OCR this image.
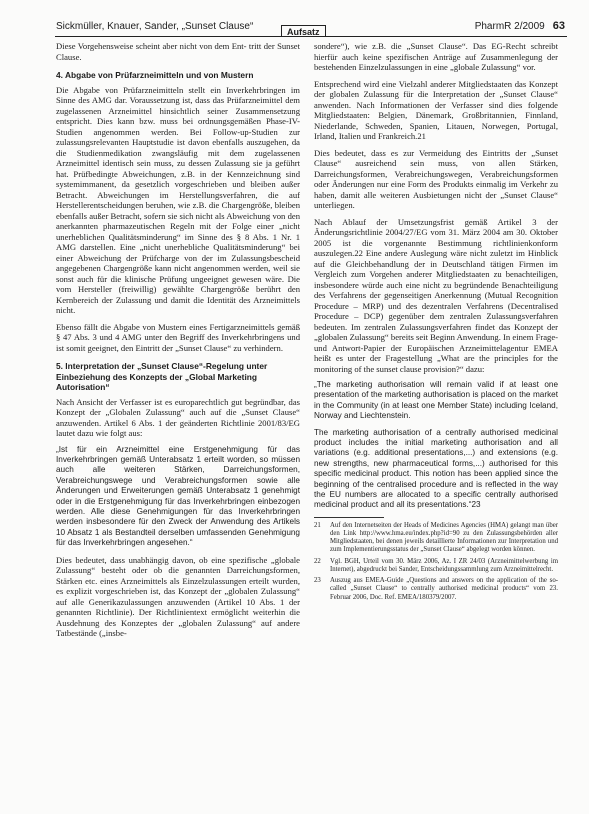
Sickmüller, Knauer, Sander, „Sunset Clause“	Aufsatz	PharmR 2/2009 63

Diese Vorgehensweise scheint aber nicht von dem Ent- tritt der Sunset Clause.

4. Abgabe von Prüfarzneimitteln und von Mustern

Die Abgabe von Prüfarzneimitteln stellt ein Inverkehrbringen im Sinne des AMG dar. Voraussetzung ist, dass das Prüfarzneimittel dem zugelassenen Arzneimittel hinsichtlich seiner Zusammensetzung entspricht. Dies kann bzw. muss bei ordnungsgemäßen Phase-IV-Studien angenommen werden. Bei Follow-up-Studien zur zulassungsrelevanten Hauptstudie ist davon ebenfalls auszugehen, da die Studienmedikation zwangsläufig mit dem zugelassenen Arzneimittel identisch sein muss, zu dessen Zulassung sie ja geführt hat. Prüfbedingte Abweichungen, z.B. in der Kennzeichnung sind systemimmanent, da gesetzlich vorgeschrieben und bleiben außer Betracht. Abweichungen im Herstellungsverfahren, die auf Herstellerentscheidungen beruhen, wie z.B. die Chargengröße, bleiben ebenfalls außer Betracht, sofern sie sich nicht als Abweichung von den anerkannten pharmazeutischen Regeln mit der Folge einer „nicht unerheblichen Qualitätsminderung“ im Sinne des § 8 Abs. 1 Nr. 1 AMG darstellen. Eine „nicht unerhebliche Qualitätsminderung“ bei einer Abweichung der Prüfcharge von der im Zulassungsbescheid angegebenen Chargengröße kann nicht angenommen werden, weil sie sonst auch für die klinische Prüfung ungeeignet gewesen wäre. Die vom Hersteller (freiwillig) gewählte Chargengröße berührt den Kernbereich der Zulassung und damit die Identität des Arzneimittels nicht.

Ebenso fällt die Abgabe von Mustern eines Fertigarzneimittels gemäß § 47 Abs. 3 und 4 AMG unter den Begriff des Inverkehrbringens und ist somit geeignet, den Eintritt der „Sunset Clause“ zu verhindern.

5. Interpretation der „Sunset Clause“-Regelung unter Einbeziehung des Konzepts der „Global Marketing Autorisation“

Nach Ansicht der Verfasser ist es europarechtlich gut begründbar, das Konzept der „Globalen Zulassung“ auch auf die „Sunset Clause“ anzuwenden. Artikel 6 Abs. 1 der geänderten Richtlinie 2001/83/EG lautet dazu wie folgt aus:

„Ist für ein Arzneimittel eine Erstgenehmigung für das Inverkehrbringen gemäß Unterabsatz 1 erteilt worden, so müssen auch alle weiteren Stärken, Darreichungsformen, Verabreichungswege und Verabreichungsformen sowie alle Änderungen und Erweiterungen gemäß Unterabsatz 1 genehmigt oder in die Erstgenehmigung für das Inverkehrbringen einbezogen werden. Alle diese Genehmigungen für das Inverkehrbringen werden insbesondere für den Zweck der Anwendung des Artikels 10 Absatz 1 als Bestandteil derselben umfassenden Genehmigung für das Inverkehrbringen angesehen.“

Dies bedeutet, dass unabhängig davon, ob eine spezifische „globale Zulassung“ besteht oder ob die genannten Darreichungsformen, Stärken etc. eines Arzneimittels als Einzelzulassungen erteilt wurden, es explizit vorgeschrieben ist, das Konzept der „globalen Zulassung“ auf alle Generikazulassungen anzuwenden (Artikel 10 Abs. 1 der genannten Richtlinie). Der Richtlinientext ermöglicht weiterhin die Ausdehnung des Konzeptes der „globalen Zulassung“ auf andere Tatbestände („insbe-

sondere“), wie z.B. die „Sunset Clause“. Das EG-Recht schreibt hierfür auch keine spezifischen Anträge auf Zusammenlegung der bestehenden Einzelzulassungen in eine „globale Zulassung“ vor.

Entsprechend wird eine Vielzahl anderer Mitgliedstaaten das Konzept der globalen Zulassung für die Interpretation der „Sunset Clause“ anwenden. Nach Informationen der Verfasser sind dies folgende Mitgliedstaaten: Belgien, Dänemark, Großbritannien, Finnland, Niederlande, Schweden, Spanien, Litauen, Norwegen, Portugal, Irland, Italien und Frankreich.21

Dies bedeutet, dass es zur Vermeidung des Eintritts der „Sunset Clause“ ausreichend sein muss, von allen Stärken, Darreichungsformen, Verabreichungswegen, Verabreichungsformen oder Änderungen nur eine Form des Produkts einmalig im Verkehr zu haben, damit alle weiteren Ausbietungen nicht der „Sunset Clause“ unterliegen.

Nach Ablauf der Umsetzungsfrist gemäß Artikel 3 der Änderungsrichtlinie 2004/27/EG vom 31. März 2004 am 30. Oktober 2005 ist die vorgenannte Bestimmung richtlinienkonform auszulegen.22 Eine andere Auslegung wäre nicht zuletzt im Hinblick auf die Gleichbehandlung der in Deutschland tätigen Firmen im Vergleich zum Vorgehen anderer Mitgliedstaaten zu benachteiligen, insbesondere würde auch eine nicht zu begründende Benachteiligung des Verfahrens der gegenseitigen Anerkennung (Mutual Recognition Procedure – MRP) und des dezentralen Verfahrens (Decentralised Procedure – DCP) gegenüber dem zentralen Zulassungsverfahren bedeuten. Im zentralen Zulassungsverfahren findet das Konzept der „globalen Zulassung“ bereits seit Beginn Anwendung. In einem Frage- und Antwort-Papier der Europäischen Arzneimittelagentur EMEA heißt es unter der Fragestellung „What are the principles for the monitoring of the sunset clause provision?“ dazu:

„The marketing authorisation will remain valid if at least one presentation of the marketing authorisation is placed on the market in the Community (in at least one Member State) including Iceland, Norway and Liechtenstein.

The marketing authorisation of a centrally authorised medicinal product includes the initial marketing authorisation and all variations (e.g. additional presentations,...) and extensions (e.g. new strengths, new pharmaceutical forms,...) authorised for this specific medicinal product. This notion has been applied since the beginning of the centralised procedure and is reflected in the way the EU numbers are allocated to a specific centrally authorised medicinal product and all its presentations.“23

21 Auf den Internetseiten der Heads of Medicines Agencies (HMA) gelangt man über den Link http://www.hma.eu/index.php?id=90 zu den Zulassungsbehörden aller Mitgliedstaaten, bei denen jeweils detaillierte Informationen zur Interpretation und zum Implementierungsstatus der „Sunset Clause“ abgelegt worden können.
22 Vgl. BGH, Urteil vom 30. März 2006, Az. I ZR 24/03 (Arzneimittelwerbung im Internet), abgedruckt bei Sander, Entscheidungssammlung zum Arzneimittelrecht.
23 Auszug aus EMEA-Guide „Questions and answers on the application of the so-called „Sunset Clause“ to centrally authorised medicinal products“ vom 23. Februar 2006, Doc. Ref. EMEA/180379/2007.
